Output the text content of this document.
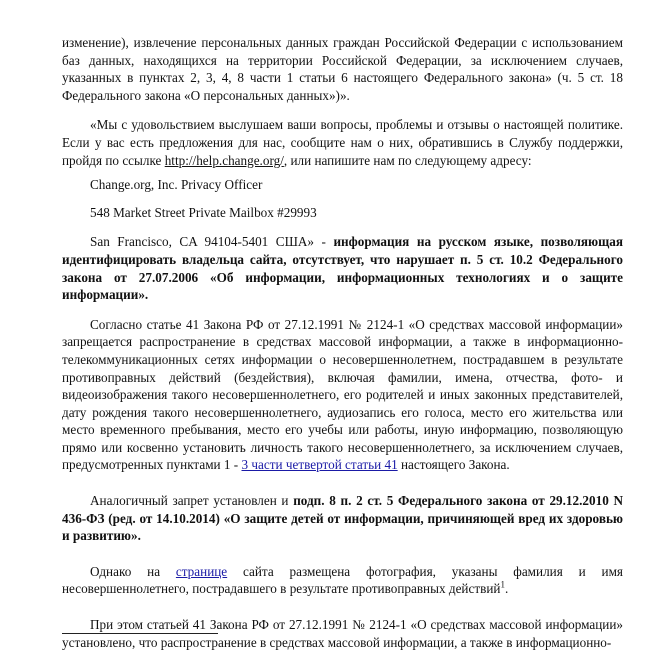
изменение), извлечение персональных данных граждан Российской Федерации с использованием баз данных, находящихся на территории Российской Федерации, за исключением случаев, указанных в пунктах 2, 3, 4, 8 части 1 статьи 6 настоящего Федерального закона» (ч. 5 ст. 18 Федерального закона «О персональных данных»)».

«Мы с удовольствием выслушаем ваши вопросы, проблемы и отзывы о настоящей политике. Если у вас есть предложения для нас, сообщите нам о них, обратившись в Службу поддержки, пройдя по ссылке http://help.change.org/, или напишите нам по следующему адресу:

Change.org, Inc. Privacy Officer

548 Market Street Private Mailbox #29993

San Francisco, CA 94104-5401 США» - информация на русском языке, позволяющая идентифицировать владельца сайта, отсутствует, что нарушает п. 5 ст. 10.2 Федерального закона от 27.07.2006 «Об информации, информационных технологиях и о защите информации».

Согласно статье 41 Закона РФ от 27.12.1991 № 2124-1 «О средствах массовой информации» запрещается распространение в средствах массовой информации, а также в информационно-телекоммуникационных сетях информации о несовершеннолетнем, пострадавшем в результате противоправных действий (бездействия), включая фамилии, имена, отчества, фото- и видеоизображения такого несовершеннолетнего, его родителей и иных законных представителей, дату рождения такого несовершеннолетнего, аудиозапись его голоса, место его жительства или место временного пребывания, место его учебы или работы, иную информацию, позволяющую прямо или косвенно установить личность такого несовершеннолетнего, за исключением случаев, предусмотренных пунктами 1 - 3 части четвертой статьи 41 настоящего Закона.

Аналогичный запрет установлен и подп. 8 п. 2 ст. 5 Федерального закона от 29.12.2010 N 436-ФЗ (ред. от 14.10.2014) «О защите детей от информации, причиняющей вред их здоровью и развитию».

Однако на странице сайта размещена фотография, указаны фамилия и имя несовершеннолетнего, пострадавшего в результате противоправных действий$^1$.

При этом статьей 41 Закона РФ от 27.12.1991 № 2124-1 «О средствах массовой информации» установлено, что распространение в средствах массовой информации, а также в информационно-
